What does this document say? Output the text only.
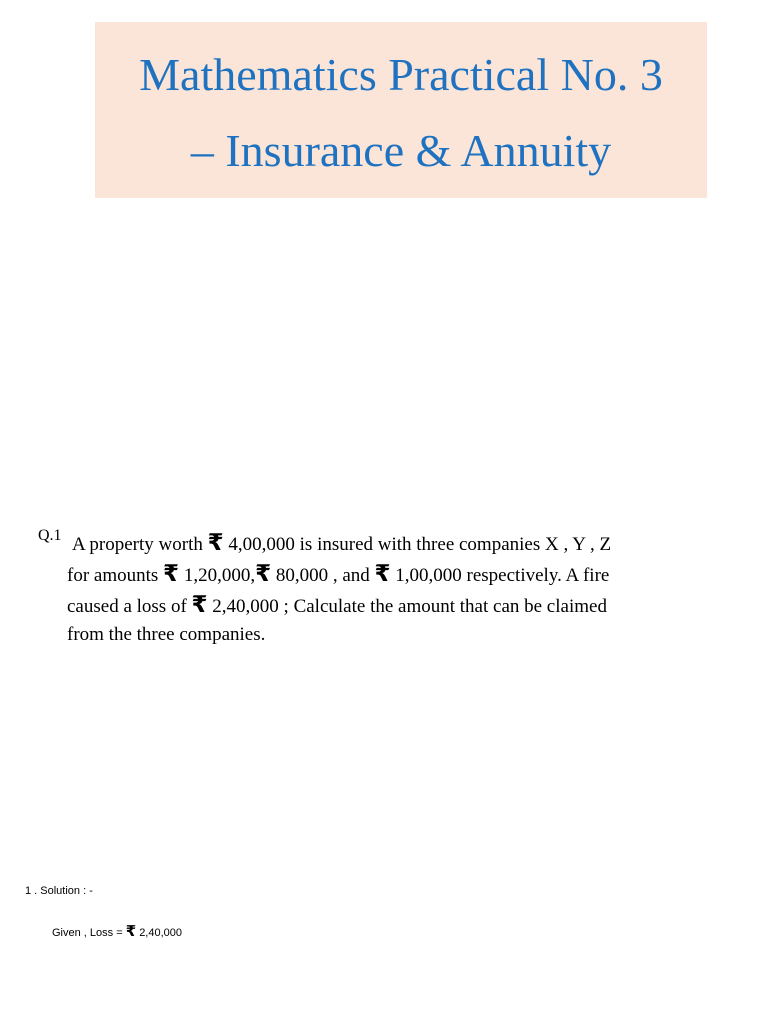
Mathematics Practical No. 3
– Insurance & Annuity
Q.1 A property worth ₹ 4,00,000 is insured with three companies X , Y , Z
for amounts ₹ 1,20,000,₹ 80,000 , and ₹ 1,00,000 respectively. A fire
caused a loss of ₹ 2,40,000 ; Calculate the amount that can be claimed
from the three companies.
1 . Solution : -
Given , Loss = ₹ 2,40,000
